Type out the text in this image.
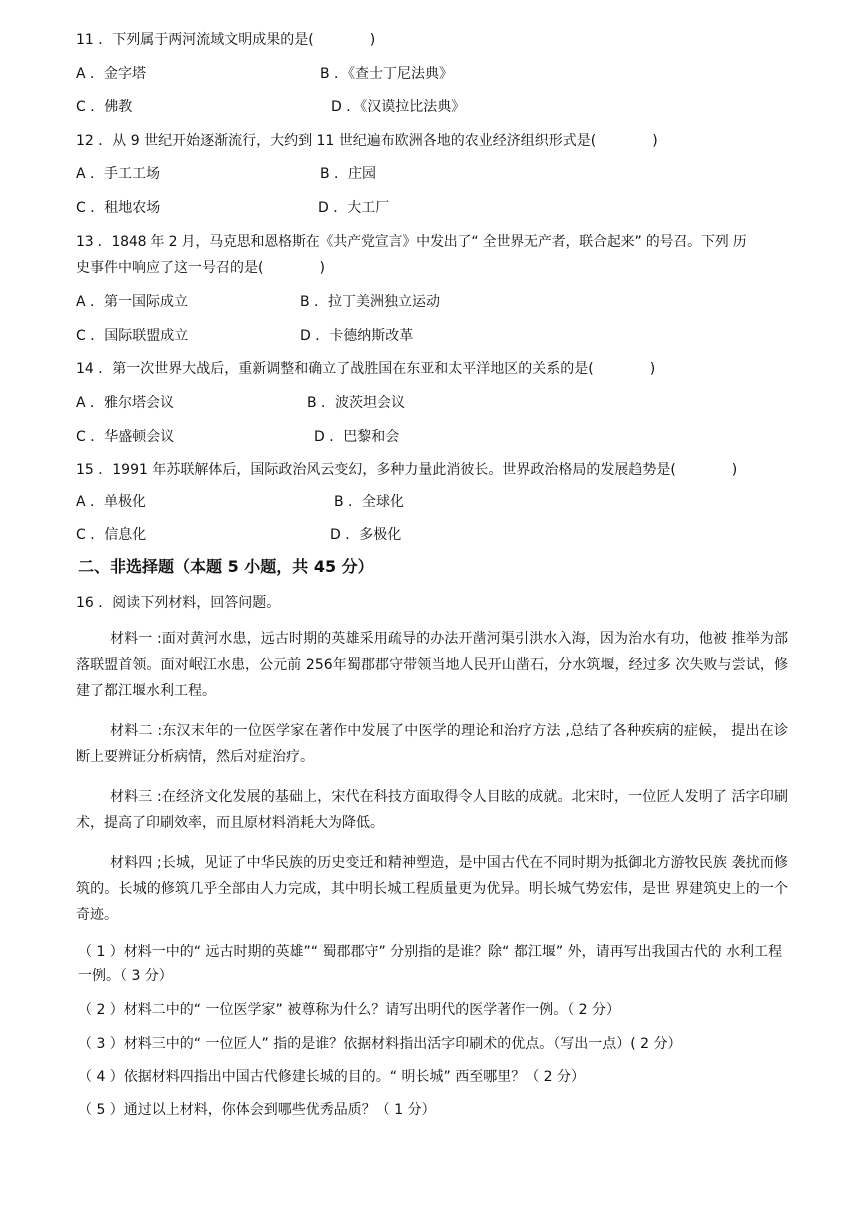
11 ．下列属于两河流域文明成果的是(　　　　)
A ．金字塔	B ．《查士丁尼法典》
C ．佛教	D ．《汉谟拉比法典》
12 ．从 9 世纪开始逐渐流行，大约到 11 世纪遍布欧洲各地的农业经济组织形式是(　　　　)
A ．手工工场	B ．庄园
C ．租地农场	D ．大工厂
13 ．1848 年 2 月，马克思和恩格斯在《共产党宣言》中发出了“ 全世界无产者，联合起来” 的号召。下列 历
史事件中响应了这一号召的是(　　　　)
A ．第一国际成立	B ．拉丁美洲独立运动
C ．国际联盟成立	D ．卡德纳斯改革
14 ．第一次世界大战后，重新调整和确立了战胜国在东亚和太平洋地区的关系的是(　　　　)
A ．雅尔塔会议	B ．波茨坦会议
C ．华盛顿会议	D ．巴黎和会
15 ．1991 年苏联解体后，国际政治风云变幻，多种力量此消彼长。世界政治格局的发展趋势是(　　　　)
A ．单极化	B ．全球化
C ．信息化	D ．多极化
二、非选择题（本题 5 小题，共 45 分）
16 ．阅读下列材料，回答问题。
材料一 :面对黄河水患，远古时期的英雄采用疏导的办法开凿河渠引洪水入海，因为治水有功，他被 推举为部落联盟首领。面对岷江水患，公元前 256年蜀郡郡守带领当地人民开山凿石，分水筑堰，经过多 次失败与尝试，修建了都江堰水利工程。
材料二 :东汉末年的一位医学家在著作中发展了中医学的理论和治疗方法 ,总结了各种疾病的症候， 提出在诊断上要辨证分析病情，然后对症治疗。
材料三 :在经济文化发展的基础上，宋代在科技方面取得令人目眩的成就。北宋时，一位匠人发明了 活字印刷术，提高了印刷效率，而且原材料消耗大为降低。
材料四 ;长城，见证了中华民族的历史变迁和精神塑造，是中国古代在不同时期为抵御北方游牧民族 袭扰而修筑的。长城的修筑几乎全部由人力完成，其中明长城工程质量更为优异。明长城气势宏伟，是世 界建筑史上的一个奇迹。
（ 1 ）材料一中的“ 远古时期的英雄”“ 蜀郡郡守” 分别指的是谁？除“ 都江堰” 外，请再写出我国古代的 水利工程一例。（ 3 分）
（ 2 ）材料二中的“ 一位医学家” 被尊称为什么？请写出明代的医学著作一例。（ 2 分）
（ 3 ）材料三中的“ 一位匠人” 指的是谁？依据材料指出活字印刷术的优点。（写出一点）( 2 分）
（ 4 ）依据材料四指出中国古代修建长城的目的。“ 明长城” 西至哪里？（ 2 分）
（ 5 ）通过以上材料，你体会到哪些优秀品质？（ 1 分）
